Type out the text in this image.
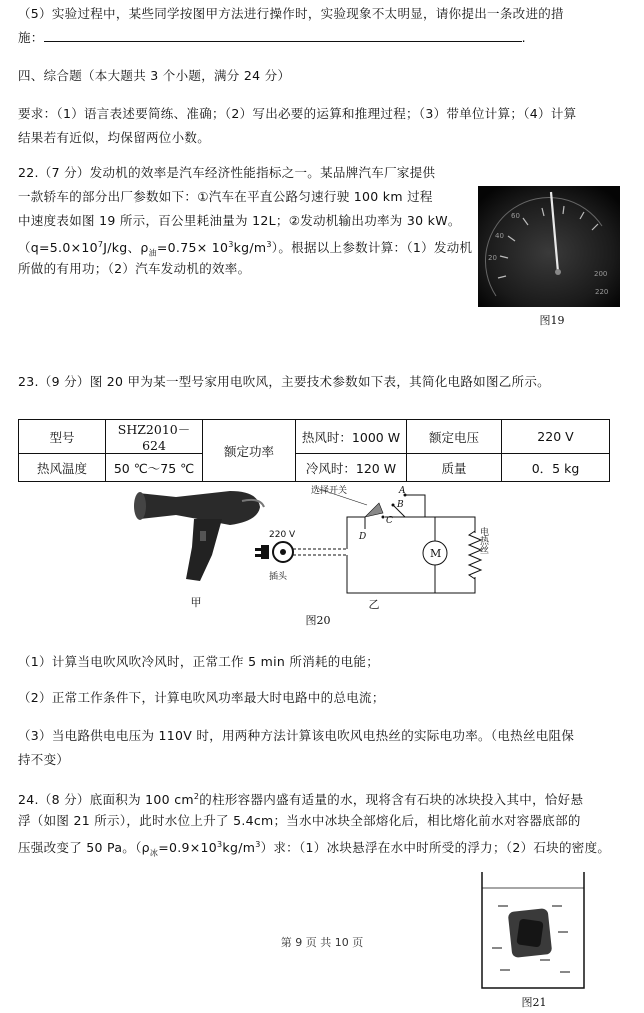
（5）实验过程中，某些同学按图甲方法进行操作时，实验现象不太明显，请你提出一条改进的措
施：	.
四、综合题（本大题共 3 个小题，满分 24 分）
要求：（1）语言表述要简练、准确；（2）写出必要的运算和推理过程；（3）带单位计算；（4）计算
结果若有近似，均保留两位小数。
22.（7 分）发动机的效率是汽车经济性能指标之一。某品牌汽车厂家提供
一款轿车的部分出厂参数如下：①汽车在平直公路匀速行驶 100 km 过程
中速度表如图 19 所示，百公里耗油量为 12L；②发动机输出功率为 30 kW。
（$q=5.0\times 10^7J/kg$、$\rho_油=0.75\times 10^3kg/m^3$）。根据以上参数计算：（1）发动机
所做的有用功；（2）汽车发动机的效率。
60
40
20
200
220
图19
23.（9 分）图 20 甲为某一型号家用电吹风，主要技术参数如下表，其简化电路如图乙所示。
型号	SHZ2010－624	额定功率	热风时：1000 W	额定电压	220 V
热风温度	50 ℃～75 ℃		冷风时：120 W	质量	0．5 kg
甲
选择开关	A
B
C
D
220 V
插头
M	电热丝
乙
图20
（1）计算当电吹风吹冷风时，正常工作 5 min 所消耗的电能；
（2）正常工作条件下，计算电吹风功率最大时电路中的总电流；
（3）当电路供电电压为 110V 时，用两种方法计算该电吹风电热丝的实际电功率。（电热丝电阻保
持不变）
24.（8 分）底面积为 100 $cm^2$的柱形容器内盛有适量的水，现将含有石块的冰块投入其中，恰好悬
浮（如图 21 所示），此时水位上升了 5.4cm；当水中冰块全部熔化后，相比熔化前水对容器底部的
压强改变了 50 Pa。$(\rho_冰=0.9\times 10^3kg/m^3)$求：（1）冰块悬浮在水中时所受的浮力；（2）石块的密度。
图21
第 9 页 共 10 页
